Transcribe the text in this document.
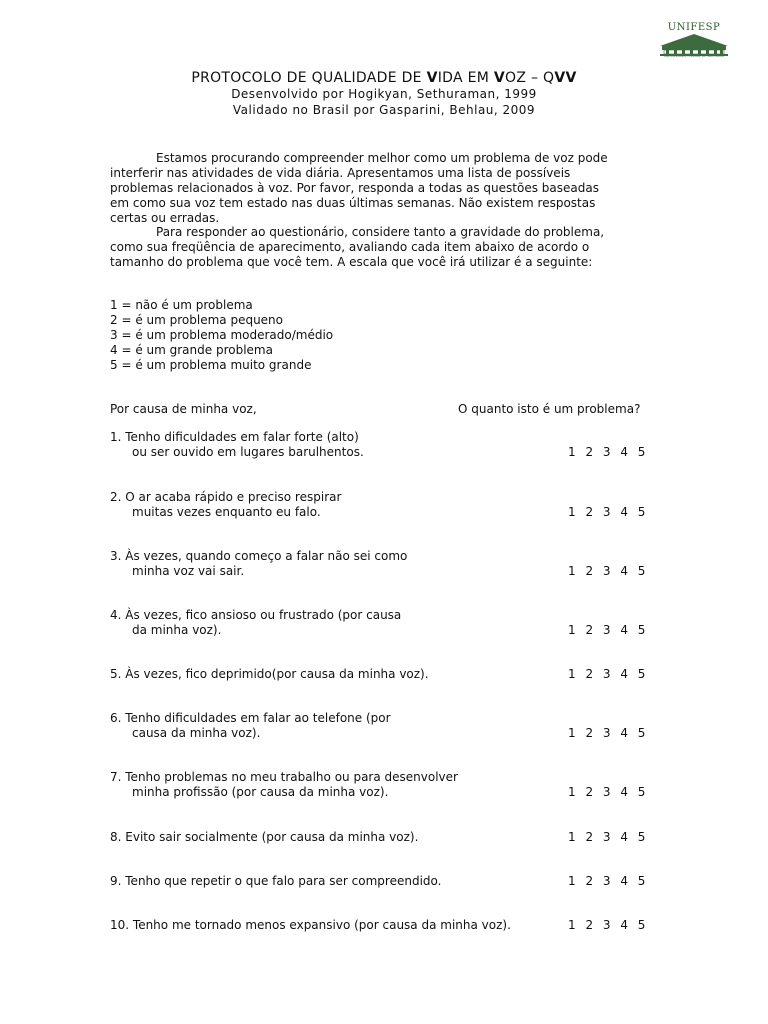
UNIFESP
UNIVERSIDADE FEDERAL DE SÃO PAULO
PROTOCOLO DE QUALIDADE DE VIDA EM VOZ – QVV
Desenvolvido por Hogikyan, Sethuraman, 1999
Validado no Brasil por Gasparini, Behlau, 2009
Estamos procurando compreender melhor como um problema de voz pode
interferir nas atividades de vida diária. Apresentamos uma lista de possíveis
problemas relacionados à voz. Por favor, responda a todas as questões baseadas
em como sua voz tem estado nas duas últimas semanas. Não existem respostas
certas ou erradas.
Para responder ao questionário, considere tanto a gravidade do problema,
como sua freqüência de aparecimento, avaliando cada item abaixo de acordo o
tamanho do problema que você tem. A escala que você irá utilizar é a seguinte:
1 = não é um problema
2 = é um problema pequeno
3 = é um problema moderado/médio
4 = é um grande problema
5 = é um problema muito grande
Por causa de minha voz,	O quanto isto é um problema?
1. Tenho dificuldades em falar forte (alto)
ou ser ouvido em lugares barulhentos.	1 2 3 4 5
2. O ar acaba rápido e preciso respirar
muitas vezes enquanto eu falo.	1 2 3 4 5
3. Às vezes, quando começo a falar não sei como
minha voz vai sair.	1 2 3 4 5
4. Às vezes, fico ansioso ou frustrado (por causa
da minha voz).	1 2 3 4 5
5. Às vezes, fico deprimido(por causa da minha voz).	1 2 3 4 5
6. Tenho dificuldades em falar ao telefone (por
causa da minha voz).	1 2 3 4 5
7. Tenho problemas no meu trabalho ou para desenvolver
minha profissão (por causa da minha voz).	1 2 3 4 5
8. Evito sair socialmente (por causa da minha voz).	1 2 3 4 5
9. Tenho que repetir o que falo para ser compreendido.	1 2 3 4 5
10. Tenho me tornado menos expansivo (por causa da minha voz).	1 2 3 4 5
